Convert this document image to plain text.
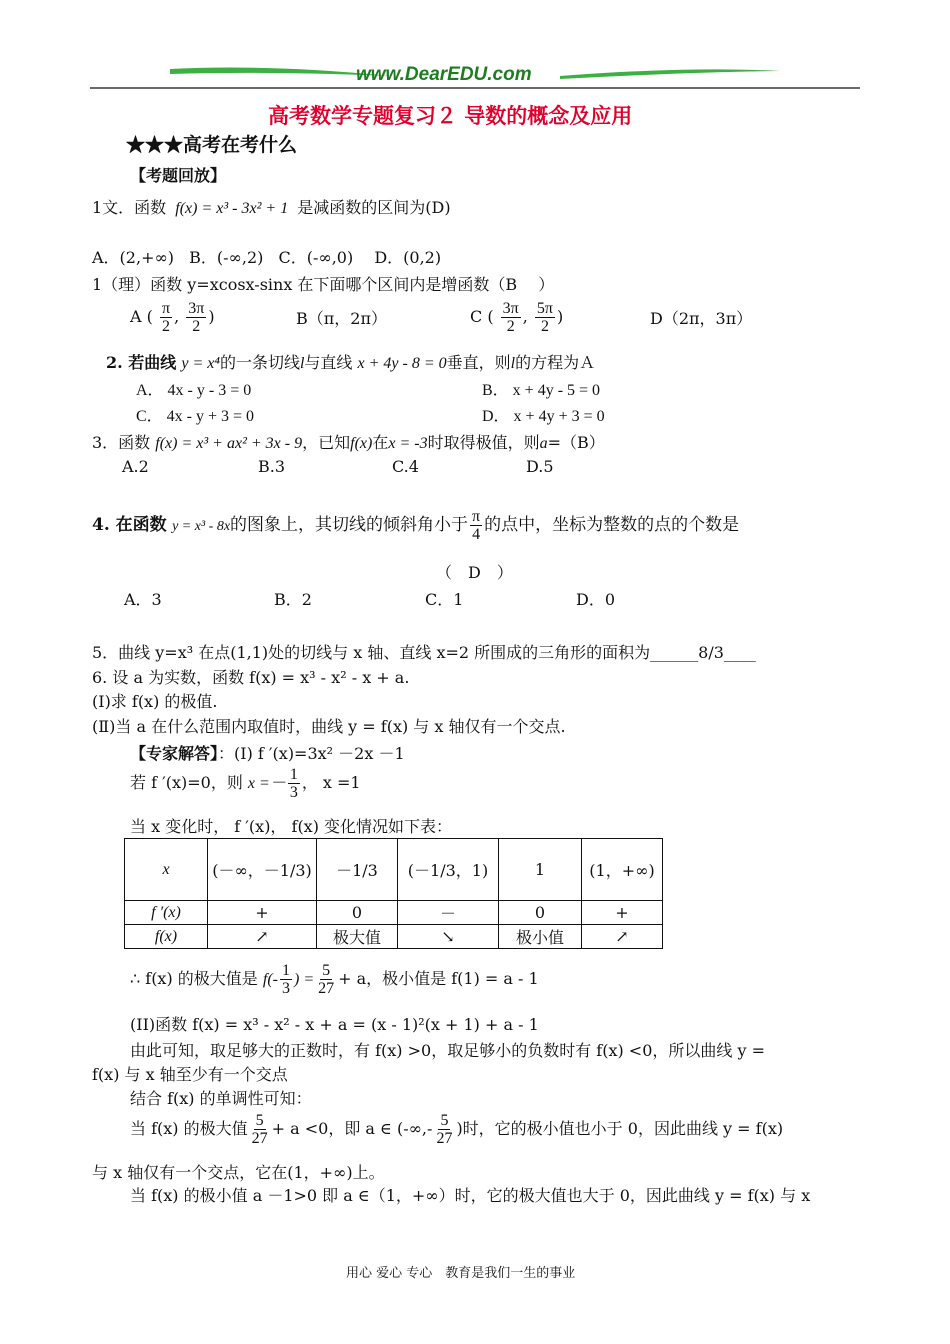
www.DearEDU.com
高考数学专题复习２ 导数的概念及应用
★★★高考在考什么
【考题回放】
1文．函数 f(x) = x³ - 3x² + 1 是减函数的区间为(D)
A．(2,+∞) B．(-∞,2) C．(-∞,0) D．(0,2)
1（理）函数 y=xcosx-sinx 在下面哪个区间内是增函数（B　 ）
A ( $\frac{\pi}{2}$ , $\frac{3\pi}{2}$ )	B（π，2π）	C ( $\frac{3\pi}{2}$ , $\frac{5\pi}{2}$ )	D（2π，3π）
2. 若曲线 y = x⁴的一条切线l与直线 x + 4y - 8 = 0垂直，则l的方程为Ａ
A． 4x - y - 3 = 0	B． x + 4y - 5 = 0
C． 4x - y + 3 = 0	D． x + 4y + 3 = 0
3．函数 f(x) = x³ + ax² + 3x - 9，已知f(x)在x = -3时取得极值，则a=（B）
A.2	B.3	C.4	D.5
4. 在函数 y = x³ - 8x的图象上，其切线的倾斜角小于 $\frac{\pi}{4}$ 的点中，坐标为整数的点的个数是
（　D　）
A．3	B．2	C．1	D．0
5．曲线 y=x³ 在点(1,1)处的切线与 x 轴、直线 x=2 所围成的三角形的面积为______8/3____
6. 设 a 为实数，函数 f(x) = x³ - x² - x + a.
(Ⅰ)求 f(x) 的极值.
(Ⅱ)当 a 在什么范围内取值时，曲线 y = f(x) 与 x 轴仅有一个交点.
【专家解答】：(I) f ′(x)=3x² －2x －1
若 f ′(x)=0，则 $x =- \frac{1}{3}$ ， x =1
当 x 变化时， f ′(x)， f(x) 变化情况如下表：
x	(－∞，－1/3)	－1/3	(－1/3，1)	1	(1，+∞)
f ′(x)	+	0	－	0	+
f(x)	↗	极大值	↘	极小值	↗
∴ f(x) 的极大值是 $f(- \frac{1}{3}$ ) = $\frac{5}{27} + a$，极小值是 f(1) = a - 1
(II)函数 f(x) = x³ - x² - x + a = (x - 1)²(x + 1) + a - 1
由此可知，取足够大的正数时，有 f(x) >0，取足够小的负数时有 f(x) <0，所以曲线 y =
f(x) 与 x 轴至少有一个交点
结合 f(x) 的单调性可知：
当 f(x) 的极大值 $\frac{5}{27} + a <0$，即 a ∈ (-∞,- $\frac{5}{27}$ )时，它的极小值也小于 0，因此曲线 y = f(x)
与 x 轴仅有一个交点，它在(1，+∞)上。
当 f(x) 的极小值 a －1>0 即 a ∈（1，+∞）时，它的极大值也大于 0，因此曲线 y = f(x) 与 x
用心 爱心 专心　教育是我们一生的事业
